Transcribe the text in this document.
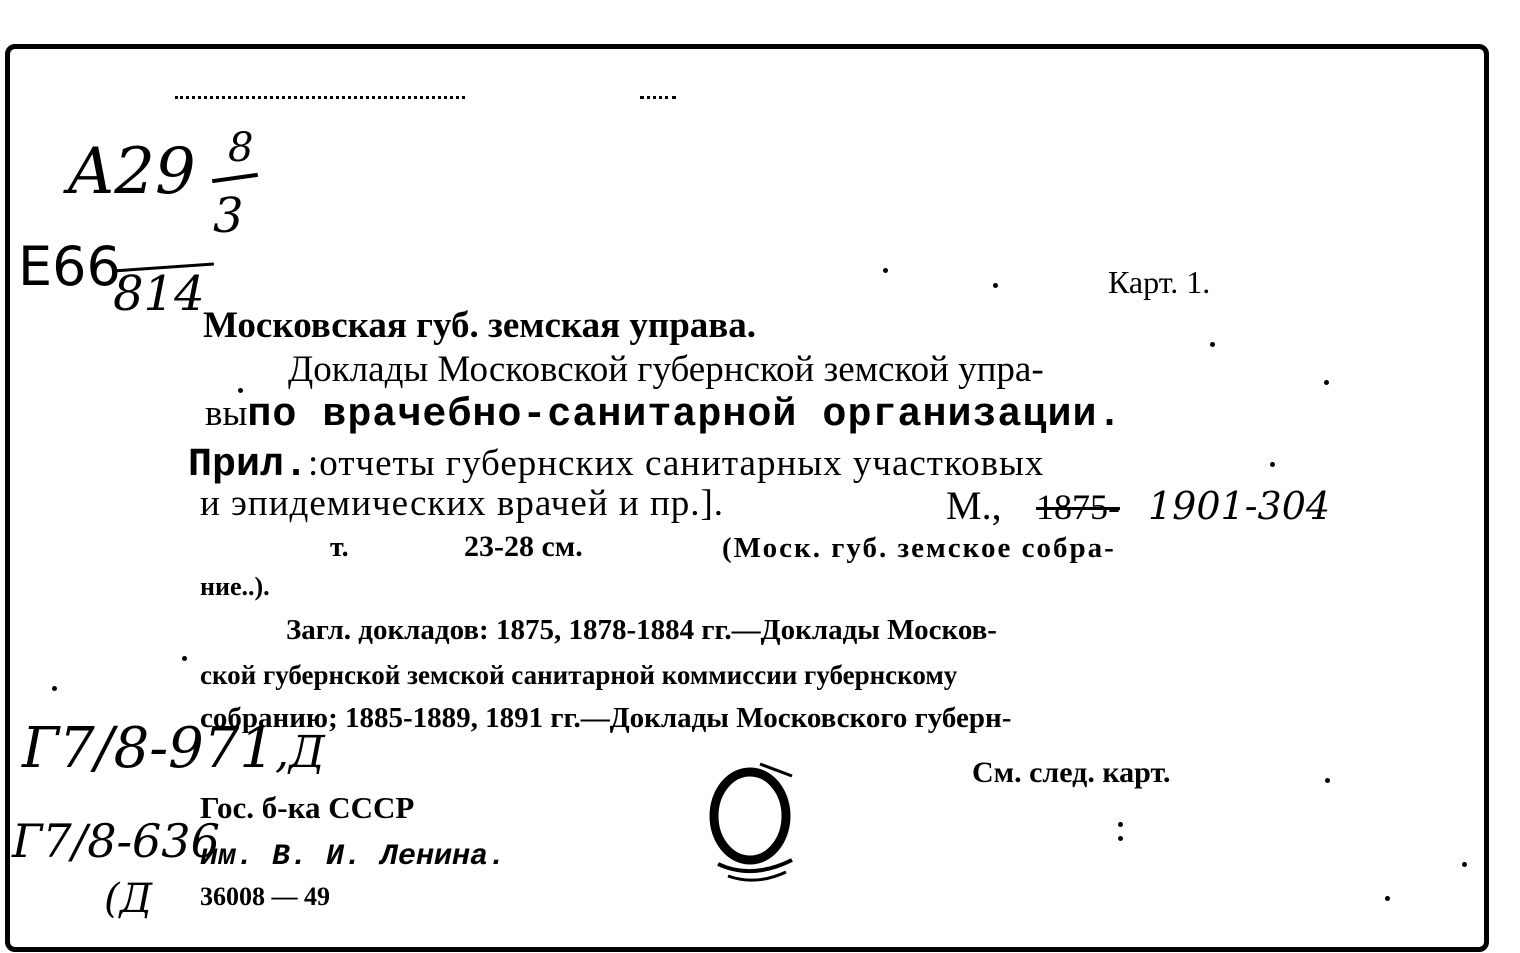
A29 8
3
E66
814	Карт. 1.
Московская губ. земская управа.
Доклады Московской губернской земской упра-
выпо врачебно-санитарной организации.
Прил.:отчеты губернских санитарных участковых
и эпидемических врачей и пр.].	М., 1875- 1901-304
т.	23-28 см.	(Моск. губ. земское собра-
ние..).
Загл. докладов: 1875, 1878-1884 гг.—Доклады Москов-
ской губернской земской санитарной коммиссии губернскому
собранию; 1885-1889, 1891 гг.—Доклады Московского губерн-
См. след. карт.
Г7/8-971,Д
Г7/8-636
(Д
Гос. б-ка СССР
им. В. И. Ленина.
36008 — 49
